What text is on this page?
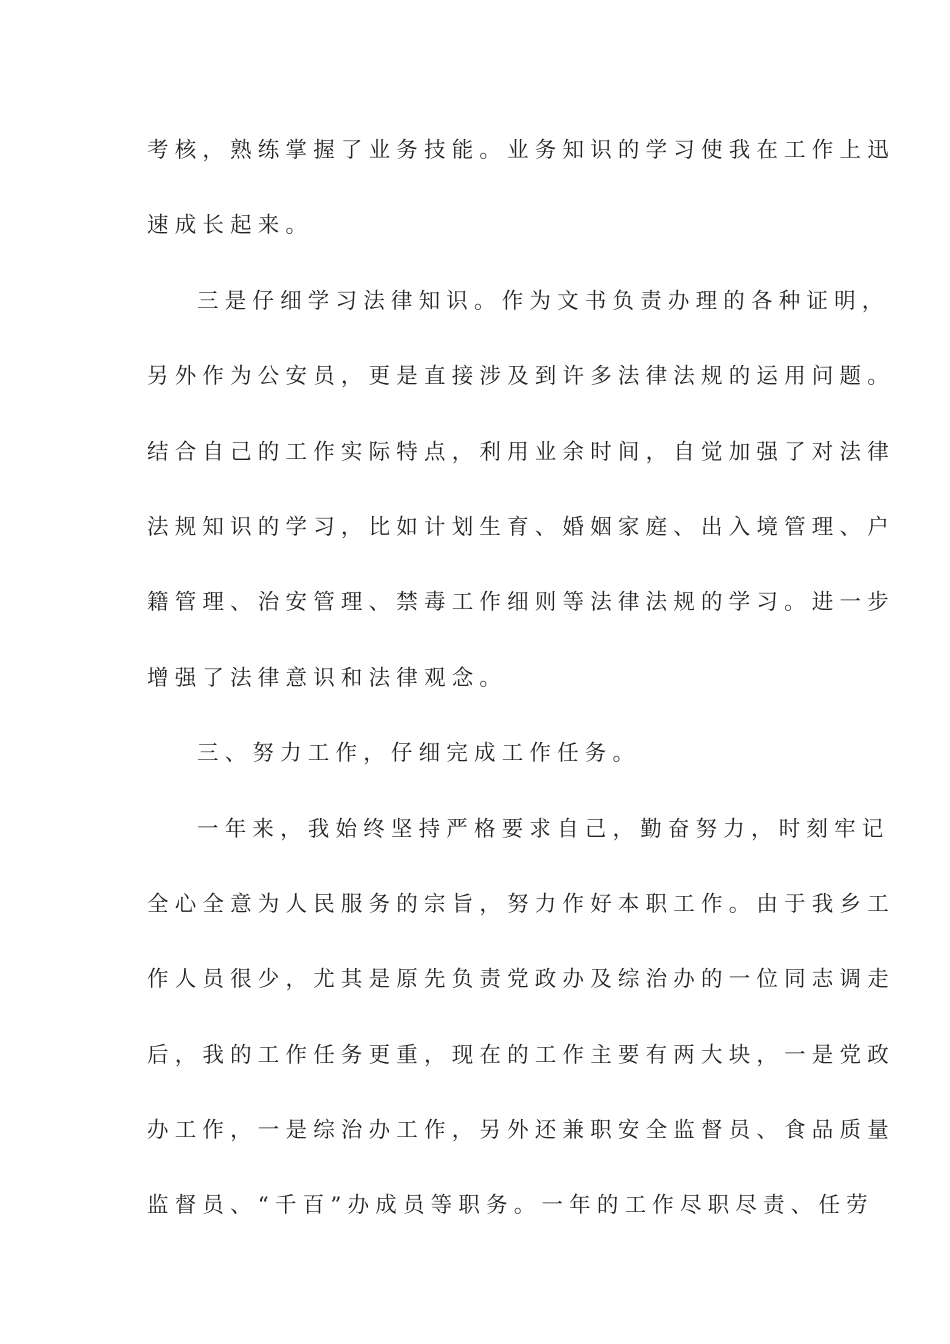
考核，熟练掌握了业务技能。业务知识的学习使我在工作上迅
速成长起来。
三是仔细学习法律知识。作为文书负责办理的各种证明，
另外作为公安员，更是直接涉及到许多法律法规的运用问题。
结合自己的工作实际特点，利用业余时间，自觉加强了对法律
法规知识的学习，比如计划生育、婚姻家庭、出入境管理、户
籍管理、治安管理、禁毒工作细则等法律法规的学习。进一步
增强了法律意识和法律观念。
三、努力工作，仔细完成工作任务。
一年来，我始终坚持严格要求自己，勤奋努力，时刻牢记
全心全意为人民服务的宗旨，努力作好本职工作。由于我乡工
作人员很少，尤其是原先负责党政办及综治办的一位同志调走
后，我的工作任务更重，现在的工作主要有两大块，一是党政
办工作，一是综治办工作，另外还兼职安全监督员、食品质量
监督员、“千百”办成员等职务。一年的工作尽职尽责、任劳
